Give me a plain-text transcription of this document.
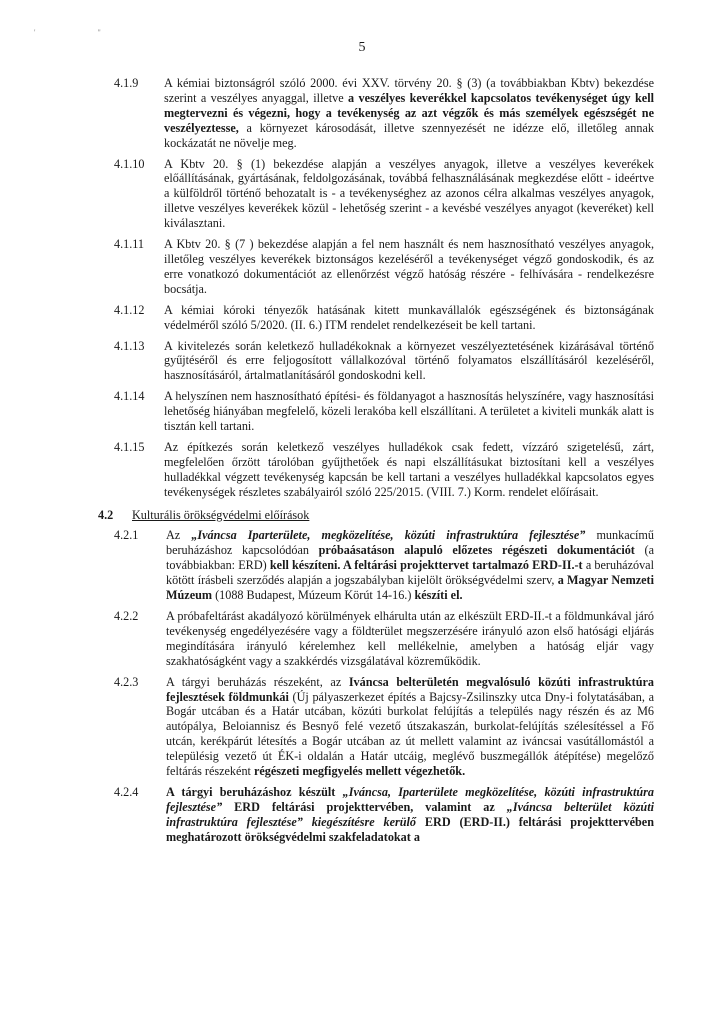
' "
5
4.1.9	A kémiai biztonságról szóló 2000. évi XXV. törvény 20. § (3) (a továbbiakban Kbtv) bekezdése szerint a veszélyes anyaggal, illetve a veszélyes keverékkel kapcsolatos tevékenységet úgy kell megtervezni és végezni, hogy a tevékenység az azt végzők és más személyek egészségét ne veszélyeztesse, a környezet károsodását, illetve szennyezését ne idézze elő, illetőleg annak kockázatát ne növelje meg.
4.1.10	A Kbtv 20. § (1) bekezdése alapján a veszélyes anyagok, illetve a veszélyes keverékek előállításának, gyártásának, feldolgozásának, továbbá felhasználásának megkezdése előtt - ideértve a külföldről történő behozatalt is - a tevékenységhez az azonos célra alkalmas veszélyes anyagok, illetve veszélyes keverékek közül - lehetőség szerint - a kevésbé veszélyes anyagot (keveréket) kell kiválasztani.
4.1.11	A Kbtv 20. § (7 ) bekezdése alapján a fel nem használt és nem hasznosítható veszélyes anyagok, illetőleg veszélyes keverékek biztonságos kezeléséről a tevékenységet végző gondoskodik, és az erre vonatkozó dokumentációt az ellenőrzést végző hatóság részére - felhívására - rendelkezésre bocsátja.
4.1.12	A kémiai kóroki tényezők hatásának kitett munkavállalók egészségének és biztonságának védelméről szóló 5/2020. (II. 6.) ITM rendelet rendelkezéseit be kell tartani.
4.1.13	A kivitelezés során keletkező hulladékoknak a környezet veszélyeztetésének kizárásával történő gyűjtéséről és erre feljogosított vállalkozóval történő folyamatos elszállításáról kezeléséről, hasznosításáról, ártalmatlanításáról gondoskodni kell.
4.1.14	A helyszínen nem hasznosítható építési- és földanyagot a hasznosítás helyszínére, vagy hasznosítási lehetőség hiányában megfelelő, közeli lerakóba kell elszállítani. A területet a kiviteli munkák alatt is tisztán kell tartani.
4.1.15	Az építkezés során keletkező veszélyes hulladékok csak fedett, vízzáró szigetelésű, zárt, megfelelően őrzött tárolóban gyűjthetőek és napi elszállításukat biztosítani kell a veszélyes hulladékkal végzett tevékenység kapcsán be kell tartani a veszélyes hulladékkal kapcsolatos egyes tevékenységek részletes szabályairól szóló 225/2015. (VIII. 7.) Korm. rendelet előírásait.
4.2	Kulturális örökségvédelmi előírások
4.2.1	Az „Iváncsa Iparterülete, megközelítése, közúti infrastruktúra fejlesztése” munkacímű beruházáshoz kapcsolódóan próbaásatáson alapuló előzetes régészeti dokumentációt (a továbbiakban: ERD) kell készíteni. A feltárási projekttervet tartalmazó ERD-II.-t a beruházóval kötött írásbeli szerződés alapján a jogszabályban kijelölt örökségvédelmi szerv, a Magyar Nemzeti Múzeum (1088 Budapest, Múzeum Körút 14-16.) készíti el.
4.2.2	A próbafeltárást akadályozó körülmények elhárulta után az elkészült ERD-II.-t a földmunkával járó tevékenység engedélyezésére vagy a földterület megszerzésére irányuló azon első hatósági eljárás megindítására irányuló kérelemhez kell mellékelnie, amelyben a hatóság eljár vagy szakhatóságként vagy a szakkérdés vizsgálatával közreműködik.
4.2.3	A tárgyi beruházás részeként, az Iváncsa belterületén megvalósuló közúti infrastruktúra fejlesztések földmunkái (Új pályaszerkezet építés a Bajcsy-Zsilinszky utca Dny-i folytatásában, a Bogár utcában és a Határ utcában, közúti burkolat felújítás a település nagy részén és az M6 autópálya, Beloiannisz és Besnyő felé vezető útszakaszán, burkolat-felújítás szélesítéssel a Fő utcán, kerékpárút létesítés a Bogár utcában az út mellett valamint az iváncsai vasútállomástól a településig vezető út ÉK-i oldalán a Határ utcáig, meglévő buszmegállók átépítése) megelőző feltárás részeként régészeti megfigyelés mellett végezhetők.
4.2.4	A tárgyi beruházáshoz készült „Iváncsa, Iparterülete megközelítése, közúti infrastruktúra fejlesztése” ERD feltárási projekttervében, valamint az „Iváncsa belterület közúti infrastruktúra fejlesztése” kiegészítésre kerülő ERD (ERD-II.) feltárási projekttervében meghatározott örökségvédelmi szakfeladatokat a
